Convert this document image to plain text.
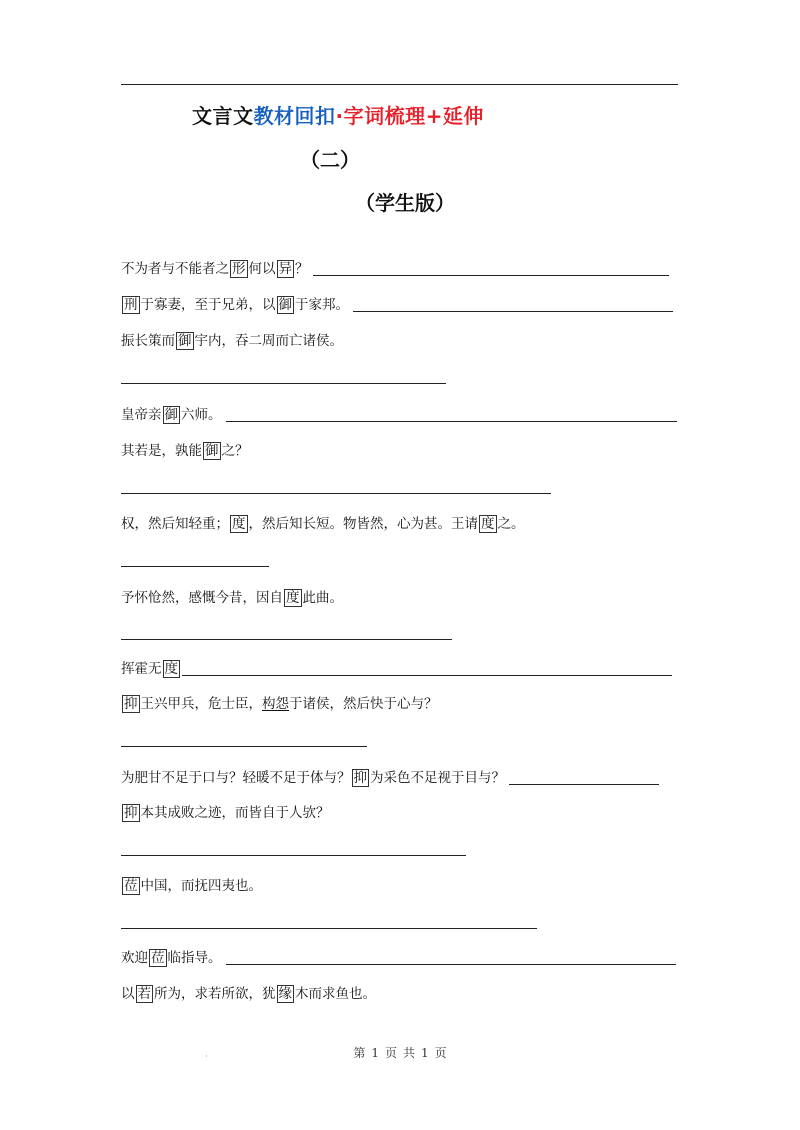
文言文教材回扣·字词梳理+延伸
（二）
（学生版）
不为者与不能者之 形 何以 异 ？
刑 于寡妻，至于兄弟，以 御 于家邦。
振长策而 御 宇内，吞二周而亡诸侯。
皇帝亲 御 六师。
其若是，孰能 御 之？
权，然后知轻重； 度 ，然后知长短。物皆然，心为甚。王请 度 之。
予怀怆然，感慨今昔，因自 度 此曲。
挥霍无 度
抑 王兴甲兵，危士臣，构怨于诸侯，然后快于心与？
为肥甘不足于口与？轻暖不足于体与？ 抑 为采色不足视于目与？
抑 本其成败之迹，而皆自于人欤？
莅 中国，而抚四夷也。
欢迎 莅 临指导。
以 若 所为，求若所欲，犹 缘 木而求鱼也。
·	第 1 页 共 1 页
